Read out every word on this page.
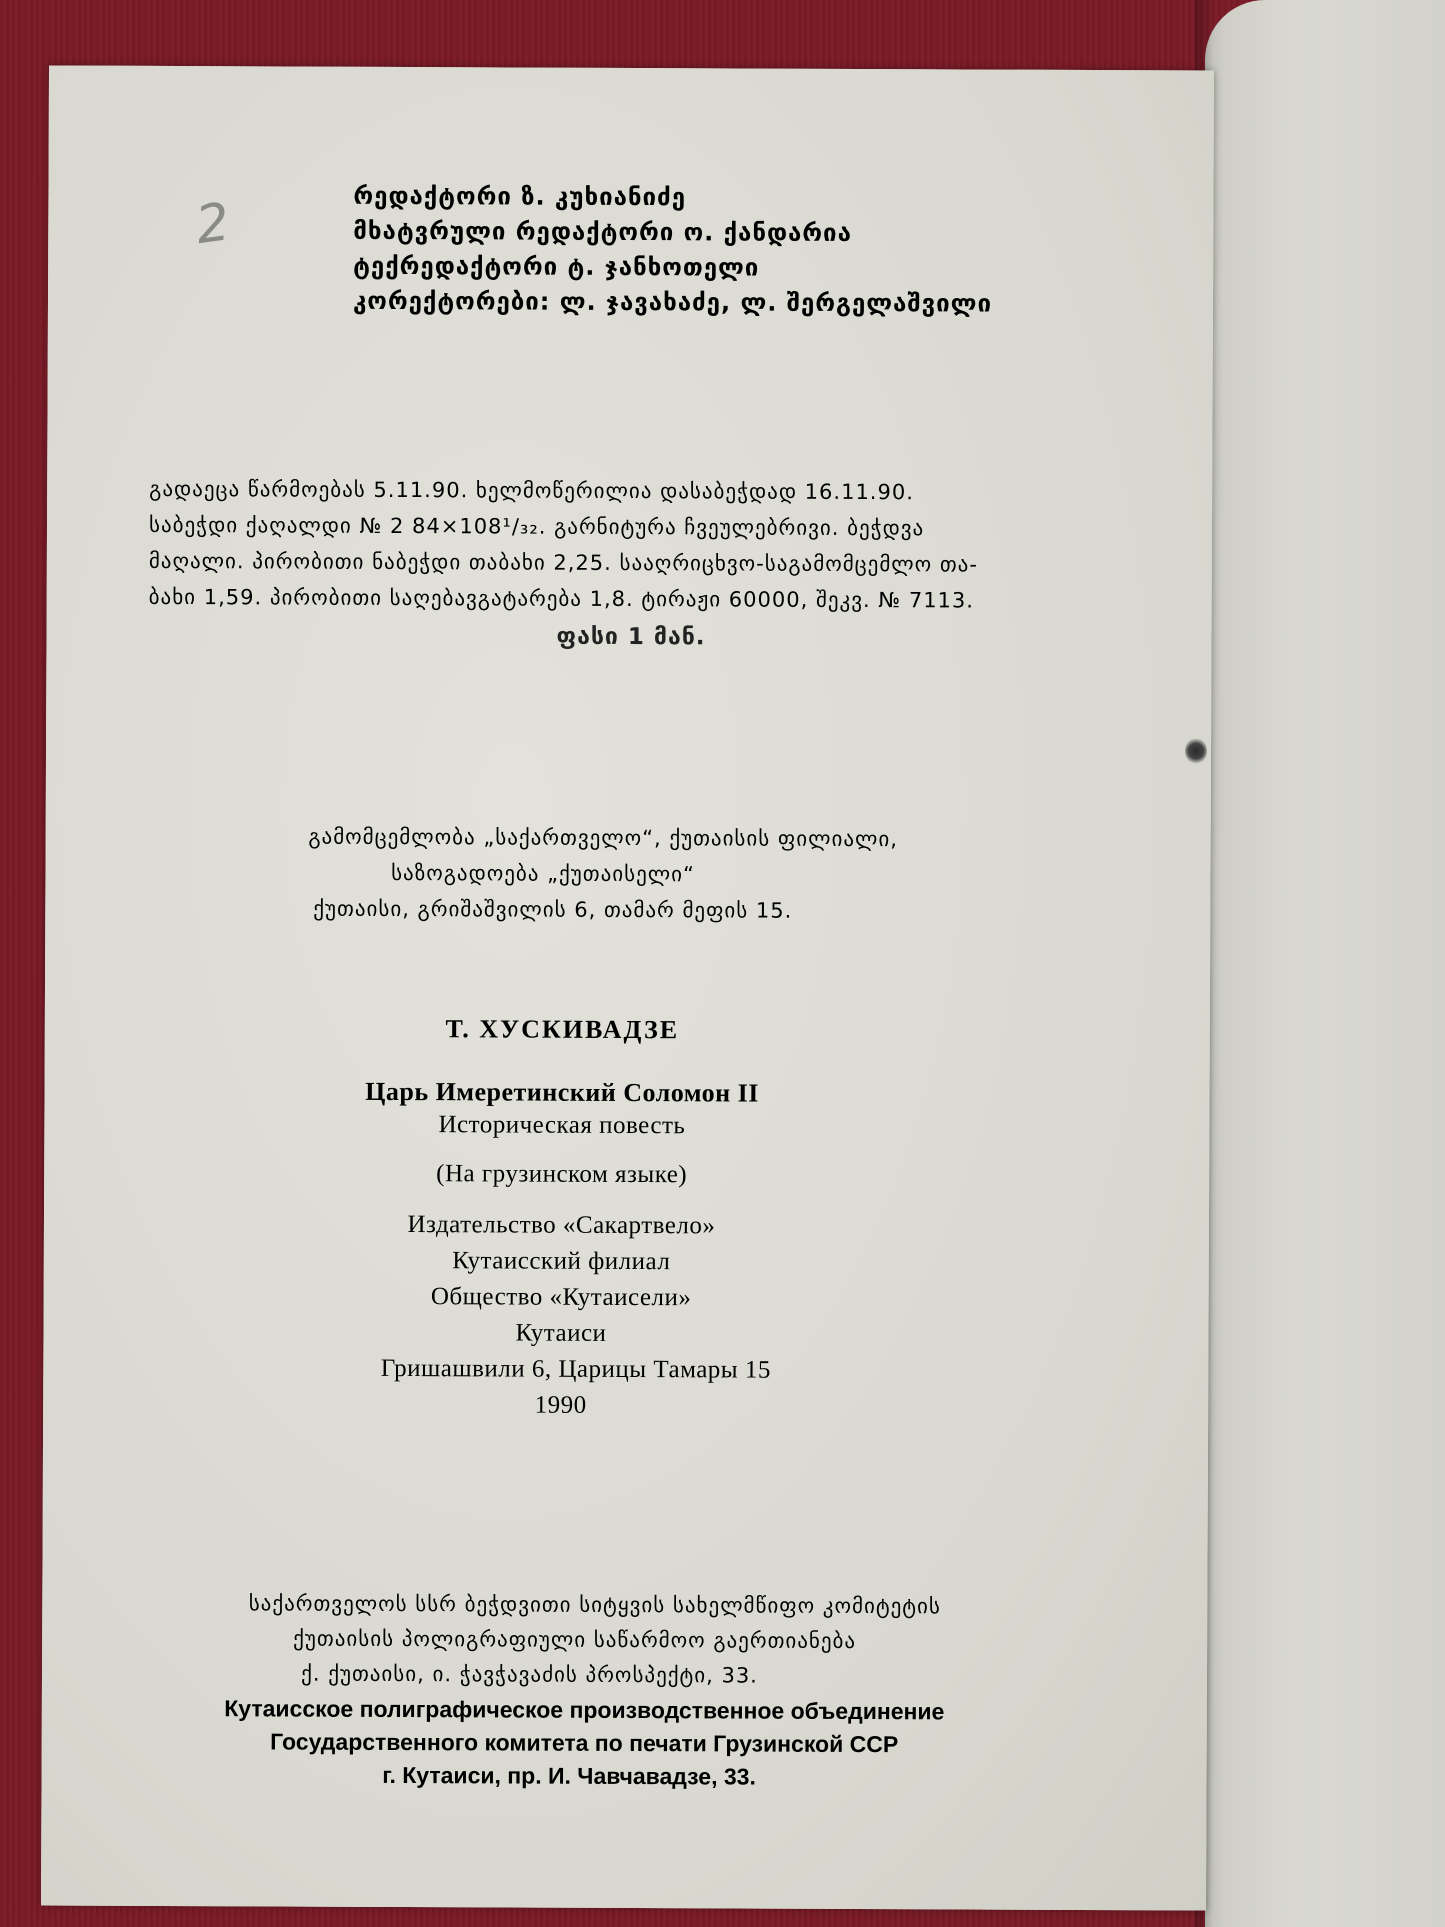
2	რედაქტორი ზ. კუხიანიძე
მხატვრული რედაქტორი ო. ქანდარია
ტექრედაქტორი ტ. ჯანხოთელი
კორექტორები: ლ. ჯავახაძე, ლ. შერგელაშვილი
გადაეცა წარმოებას 5.11.90. ხელმოწერილია დასაბეჭდად 16.11.90.
საბეჭდი ქაღალდი № 2 84×108¹/₃₂. გარნიტურა ჩვეულებრივი. ბეჭდვა
მაღალი. პირობითი ნაბეჭდი თაბახი 2,25. სააღრიცხვო-საგამომცემლო თა-
ბახი 1,59. პირობითი საღებავგატარება 1,8. ტირაჟი 60000, შეკვ. № 7113.
ფასი 1 მან.
გამომცემლობა „საქართველო“, ქუთაისის ფილიალი,
საზოგადოება „ქუთაისელი“
ქუთაისი, გრიშაშვილის 6, თამარ მეფის 15.
Т. ХУСКИВАДЗЕ
Царь Имеретинский Соломон II
Историческая повесть
(На грузинском языке)
Издательство «Сакартвело»
Кутаисский филиал
Общество «Кутаисели»
Кутаиси
Гришашвили 6, Царицы Тамары 15
1990
საქართველოს სსრ ბეჭდვითი სიტყვის სახელმწიფო კომიტეტის
ქუთაისის პოლიგრაფიული საწარმოო გაერთიანება
ქ. ქუთაისი, ი. ჭავჭავაძის პროსპექტი, 33.
Кутаисское полиграфическое производственное объединение
Государственного комитета по печати Грузинской ССР
г. Кутаиси, пр. И. Чавчавадзе, 33.
